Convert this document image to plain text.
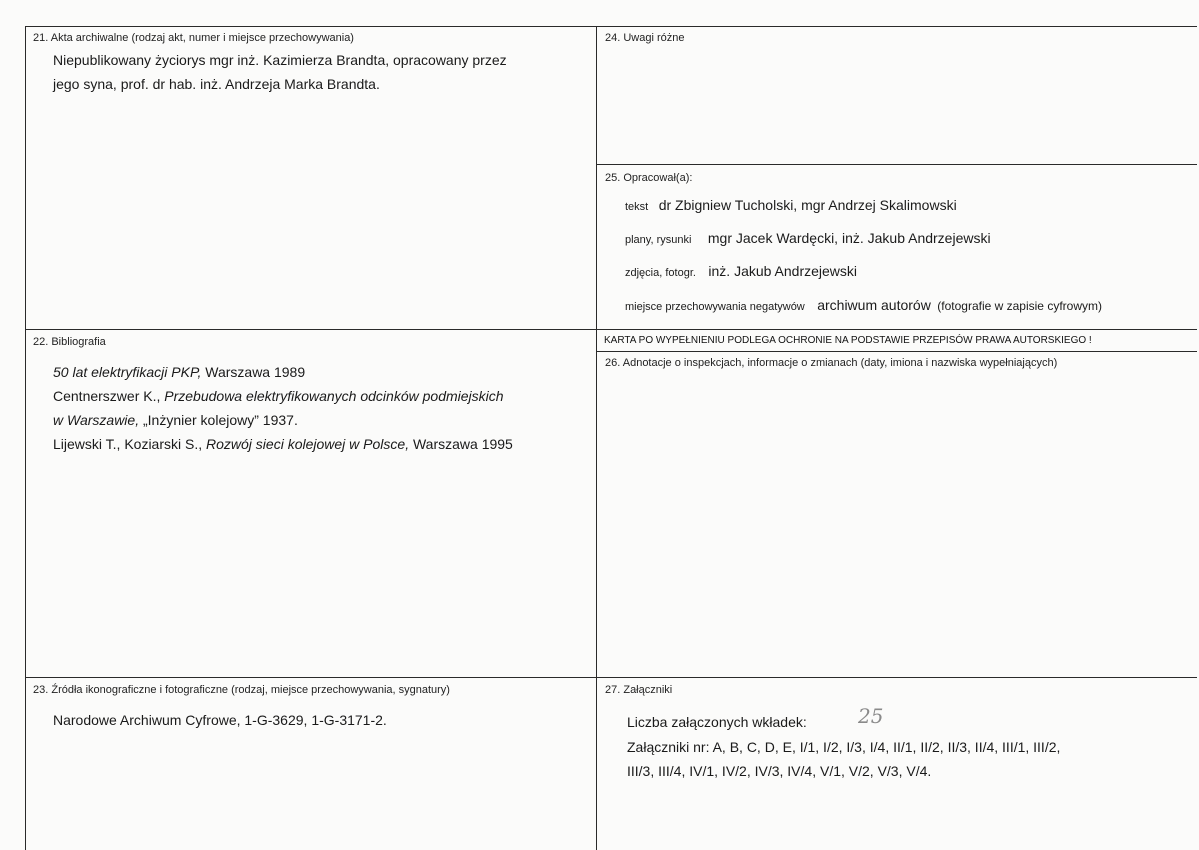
21. Akta archiwalne (rodzaj akt, numer i miejsce przechowywania)
Niepublikowany życiorys mgr inż. Kazimierza Brandta, opracowany przez
jego syna, prof. dr hab. inż. Andrzeja Marka Brandta.
24. Uwagi różne
25. Opracował(a):
tekst dr Zbigniew Tucholski, mgr Andrzej Skalimowski
plany, rysunki mgr Jacek Wardęcki, inż. Jakub Andrzejewski
zdjęcia, fotogr. inż. Jakub Andrzejewski
miejsce przechowywania negatywów archiwum autorów (fotografie w zapisie cyfrowym)
KARTA PO WYPEŁNIENIU PODLEGA OCHRONIE NA PODSTAWIE PRZEPISÓW PRAWA AUTORSKIEGO !
22. Bibliografia
50 lat elektryfikacji PKP, Warszawa 1989
Centnerszwer K., Przebudowa elektryfikowanych odcinków podmiejskich
w Warszawie, „Inżynier kolejowy” 1937.
Lijewski T., Koziarski S., Rozwój sieci kolejowej w Polsce, Warszawa 1995
26. Adnotacje o inspekcjach, informacje o zmianach (daty, imiona i nazwiska wypełniających)
23. Źródła ikonograficzne i fotograficzne (rodzaj, miejsce przechowywania, sygnatury)
Narodowe Archiwum Cyfrowe, 1-G-3629, 1-G-3171-2.
27. Załączniki
Liczba załączonych wkładek:	25
Załączniki nr: A, B, C, D, E, I/1, I/2, I/3, I/4, II/1, II/2, II/3, II/4, III/1, III/2,
III/3, III/4, IV/1, IV/2, IV/3, IV/4, V/1, V/2, V/3, V/4.
